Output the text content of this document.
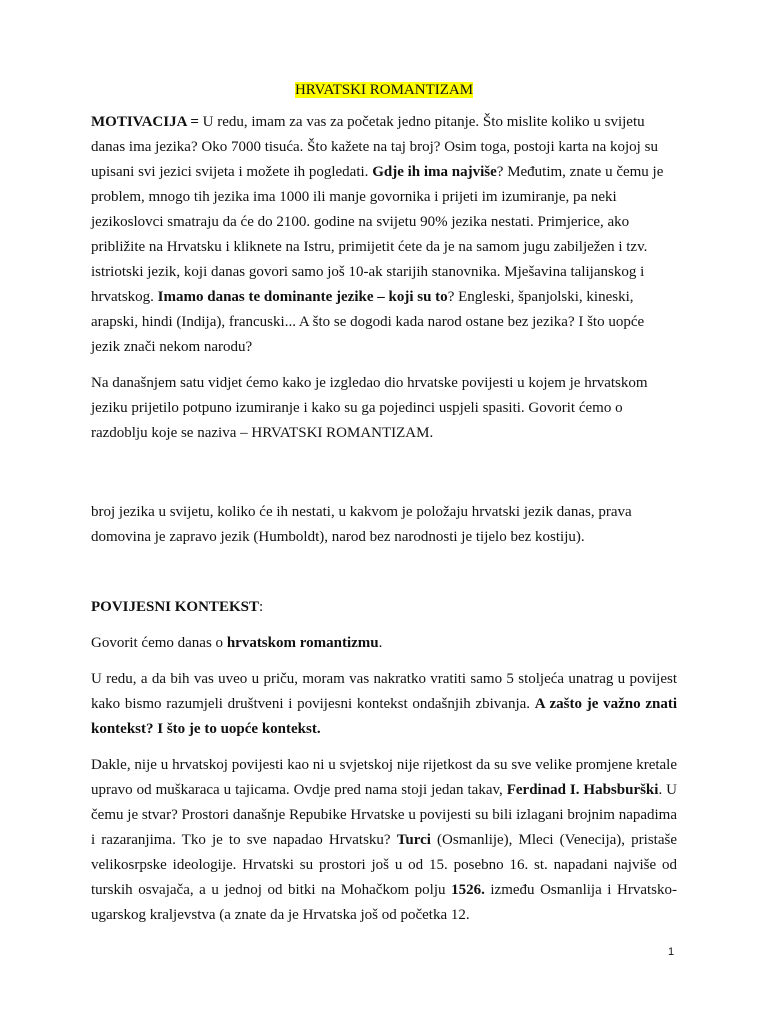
HRVATSKI ROMANTIZAM

MOTIVACIJA = U redu, imam za vas za početak jedno pitanje. Što mislite koliko u svijetu danas ima jezika? Oko 7000 tisuća. Što kažete na taj broj? Osim toga, postoji karta na kojoj su upisani svi jezici svijeta i možete ih pogledati. Gdje ih ima najviše? Međutim, znate u čemu je problem, mnogo tih jezika ima 1000 ili manje govornika i prijeti im izumiranje, pa neki jezikoslovci smatraju da će do 2100. godine na svijetu 90% jezika nestati. Primjerice, ako približite na Hrvatsku i kliknete na Istru, primijetit ćete da je na samom jugu zabilježen i tzv. istriotski jezik, koji danas govori samo još 10-ak starijih stanovnika. Mješavina talijanskog i hrvatskog. Imamo danas te dominante jezike – koji su to? Engleski, španjolski, kineski, arapski, hindi (Indija), francuski... A što se dogodi kada narod ostane bez jezika? I što uopće jezik znači nekom narodu?

Na današnjem satu vidjet ćemo kako je izgledao dio hrvatske povijesti u kojem je hrvatskom jeziku prijetilo potpuno izumiranje i kako su ga pojedinci uspjeli spasiti. Govorit ćemo o razdoblju koje se naziva – HRVATSKI ROMANTIZAM.

broj jezika u svijetu, koliko će ih nestati, u kakvom je položaju hrvatski jezik danas, prava domovina je zapravo jezik (Humboldt), narod bez narodnosti je tijelo bez kostiju).

POVIJESNI KONTEKST:

Govorit ćemo danas o hrvatskom romantizmu.

U redu, a da bih vas uveo u priču, moram vas nakratko vratiti samo 5 stoljeća unatrag u povijest kako bismo razumjeli društveni i povijesni kontekst ondašnjih zbivanja. A zašto je važno znati kontekst? I što je to uopće kontekst.

Dakle, nije u hrvatskoj povijesti kao ni u svjetskoj nije rijetkost da su sve velike promjene kretale upravo od muškaraca u tajicama. Ovdje pred nama stoji jedan takav, Ferdinad I. Habsburški. U čemu je stvar? Prostori današnje Repubike Hrvatske u povijesti su bili izlagani brojnim napadima i razaranjima. Tko je to sve napadao Hrvatsku? Turci (Osmanlije), Mleci (Venecija), pristaše velikosrpske ideologije. Hrvatski su prostori još u od 15. posebno 16. st. napadani najviše od turskih osvajača, a u jednoj od bitki na Mohačkom polju 1526. između Osmanlija i Hrvatsko-ugarskog kraljevstva (a znate da je Hrvatska još od početka 12.

1
